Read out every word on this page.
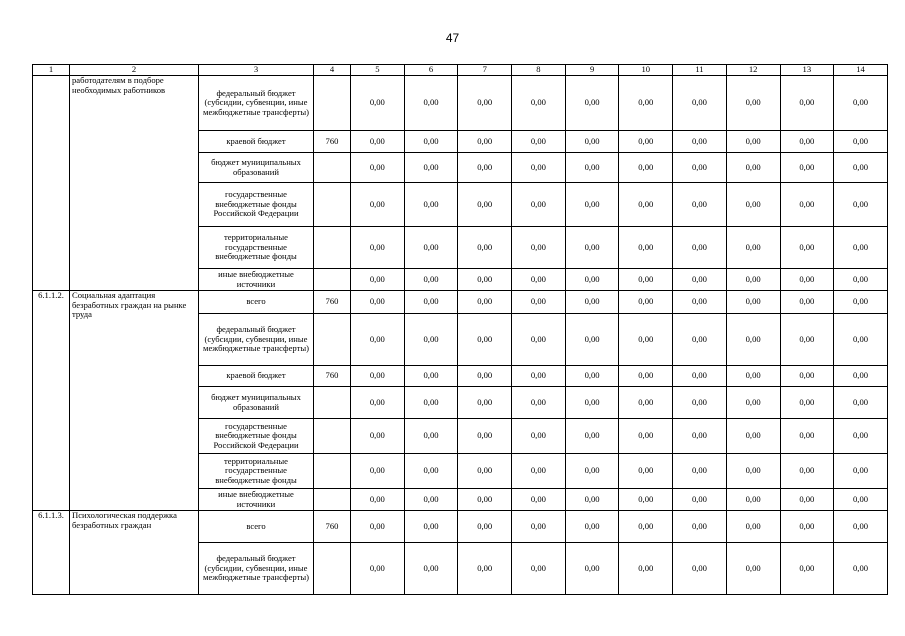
47
1	2	3	4	5	6	7	8	9	10	11	12	13	14
	работодателям в подборе необходимых работников	федеральный бюджет (субсидии, субвенции, иные межбюджетные трансферты)		0,00	0,00	0,00	0,00	0,00	0,00	0,00	0,00	0,00	0,00
		краевой бюджет	760	0,00	0,00	0,00	0,00	0,00	0,00	0,00	0,00	0,00	0,00
		бюджет муниципальных образований		0,00	0,00	0,00	0,00	0,00	0,00	0,00	0,00	0,00	0,00
		государственные внебюджетные фонды Российской Федерации		0,00	0,00	0,00	0,00	0,00	0,00	0,00	0,00	0,00	0,00
		территориальные государственные внебюджетные фонды		0,00	0,00	0,00	0,00	0,00	0,00	0,00	0,00	0,00	0,00
		иные внебюджетные источники		0,00	0,00	0,00	0,00	0,00	0,00	0,00	0,00	0,00	0,00
6.1.1.2.	Социальная адаптация безработных граждан на рынке труда	всего	760	0,00	0,00	0,00	0,00	0,00	0,00	0,00	0,00	0,00	0,00
		федеральный бюджет (субсидии, субвенции, иные межбюджетные трансферты)		0,00	0,00	0,00	0,00	0,00	0,00	0,00	0,00	0,00	0,00
		краевой бюджет	760	0,00	0,00	0,00	0,00	0,00	0,00	0,00	0,00	0,00	0,00
		бюджет муниципальных образований		0,00	0,00	0,00	0,00	0,00	0,00	0,00	0,00	0,00	0,00
		государственные внебюджетные фонды Российской Федерации		0,00	0,00	0,00	0,00	0,00	0,00	0,00	0,00	0,00	0,00
		территориальные государственные внебюджетные фонды		0,00	0,00	0,00	0,00	0,00	0,00	0,00	0,00	0,00	0,00
		иные внебюджетные источники		0,00	0,00	0,00	0,00	0,00	0,00	0,00	0,00	0,00	0,00
6.1.1.3.	Психологическая поддержка безработных граждан	всего	760	0,00	0,00	0,00	0,00	0,00	0,00	0,00	0,00	0,00	0,00
		федеральный бюджет (субсидии, субвенции, иные межбюджетные трансферты)		0,00	0,00	0,00	0,00	0,00	0,00	0,00	0,00	0,00	0,00
